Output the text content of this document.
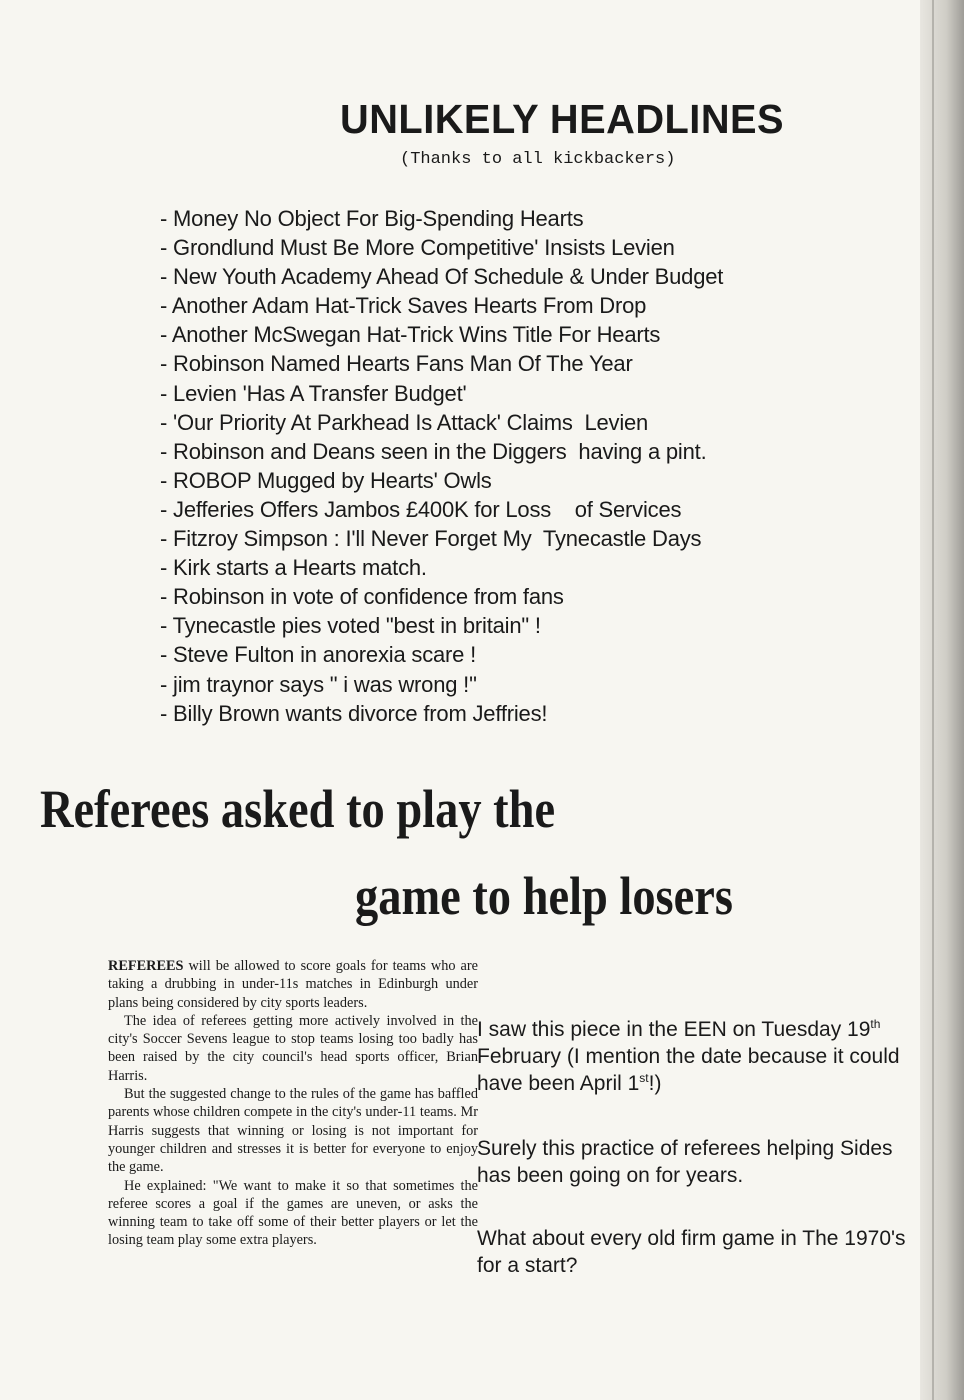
UNLIKELY HEADLINES
(Thanks to all kickbackers)
- Money No Object For Big-Spending Hearts
- Grondlund Must Be More Competitive' Insists Levien
- New Youth Academy Ahead Of Schedule & Under Budget
- Another Adam Hat-Trick Saves Hearts From Drop
- Another McSwegan Hat-Trick Wins Title For Hearts
- Robinson Named Hearts Fans Man Of The Year
- Levien 'Has A Transfer Budget'
- 'Our Priority At Parkhead Is Attack' Claims  Levien
- Robinson and Deans seen in the Diggers  having a pint.
- ROBOP Mugged by Hearts' Owls
- Jefferies Offers Jambos £400K for Loss    of Services
- Fitzroy Simpson : I'll Never Forget My  Tynecastle Days
- Kirk starts a Hearts match.
- Robinson in vote of confidence from fans
- Tynecastle pies voted "best in britain" !
- Steve Fulton in anorexia scare !
- jim traynor says " i was wrong !"
- Billy Brown wants divorce from Jeffries!
Referees asked to play the
game to help losers

REFEREES will be allowed to score goals for teams who are taking a drubbing in under-11s matches in Edinburgh under plans being considered by city sports leaders.

The idea of referees getting more actively involved in the city's Soccer Sevens league to stop teams losing too badly has been raised by the city council's head sports officer, Brian Harris.

But the suggested change to the rules of the game has baffled parents whose children compete in the city's under-11 teams. Mr Harris suggests that winning or losing is not important for younger children and stresses it is better for everyone to enjoy the game.

He explained: "We want to make it so that sometimes the referee scores a goal if the games are uneven, or asks the winning team to take off some of their better players or let the losing team play some extra players.

I saw this piece in the EEN on Tuesday 19th February (I mention the date because it could have been April 1st!)
Surely this practice of referees helping Sides has been going on for years.
What about every old firm game in The 1970's for a start?
